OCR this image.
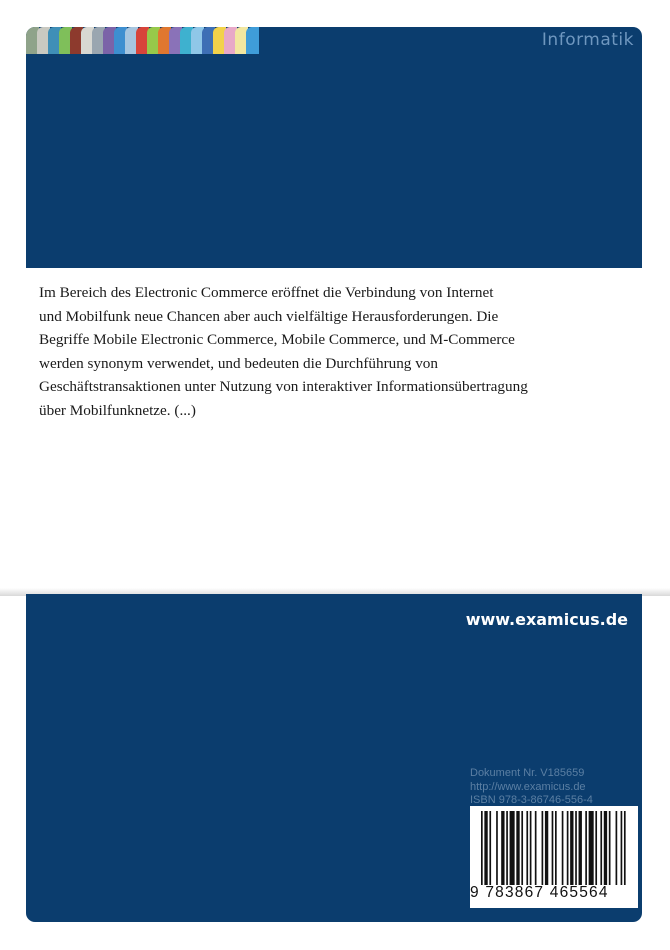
Informatik
Im Bereich des Electronic Commerce eröffnet die Verbindung von Internet
und Mobilfunk neue Chancen aber auch vielfältige Herausforderungen. Die
Begriffe Mobile Electronic Commerce, Mobile Commerce, und M-Commerce
werden synonym verwendet, und bedeuten die Durchführung von
Geschäftstransaktionen unter Nutzung von interaktiver Informationsübertragung
über Mobilfunknetze. (...)
www.examicus.de
Dokument Nr. V185659
http://www.examicus.de
ISBN 978-3-86746-556-4
9 783867 465564
